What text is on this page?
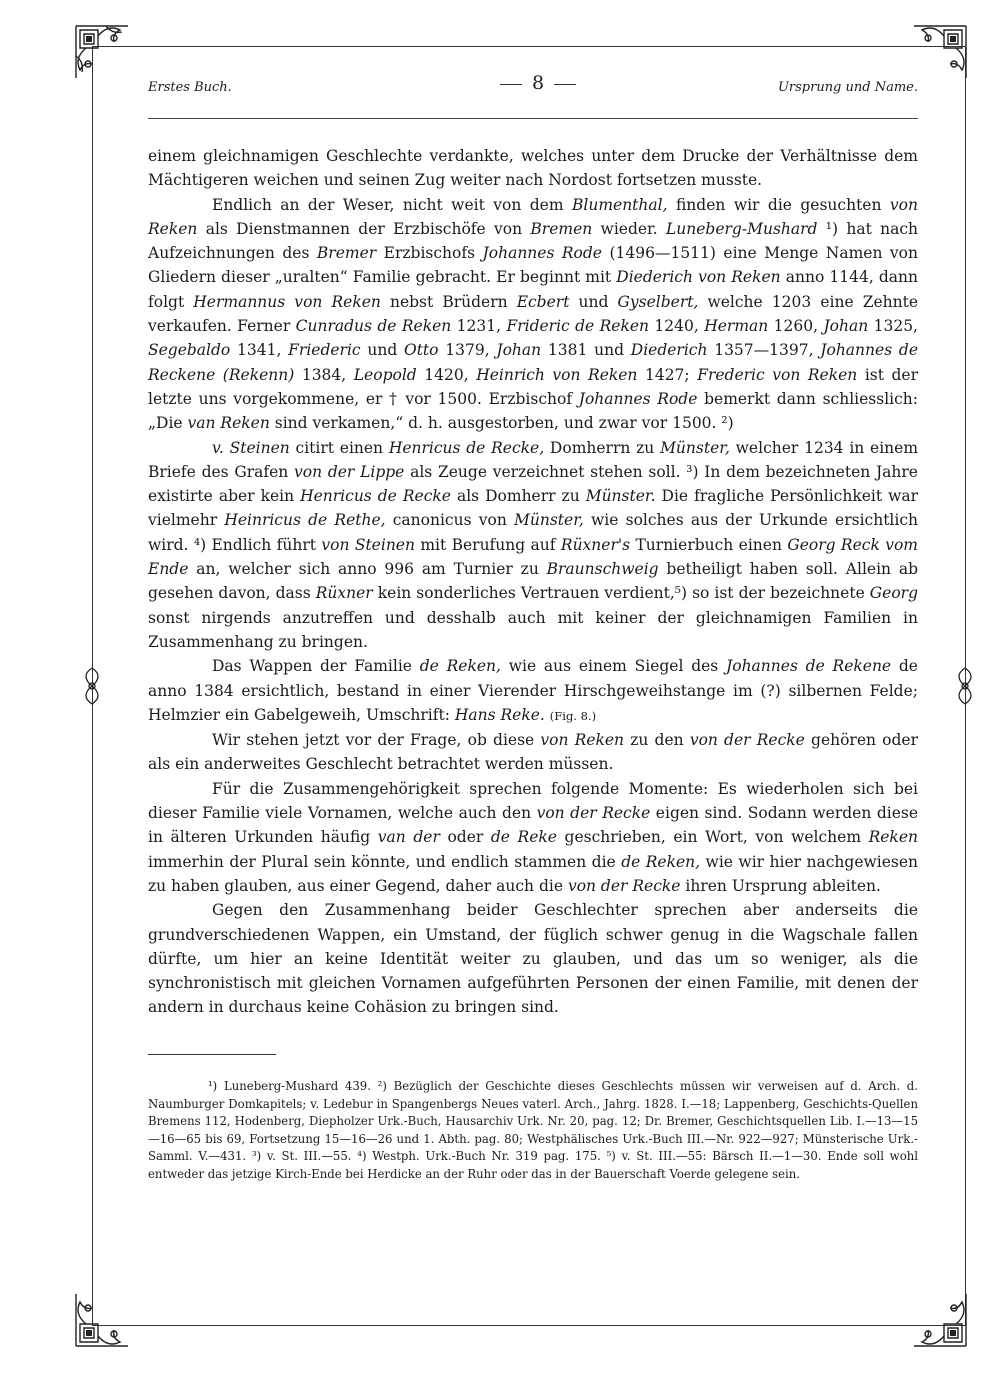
Erstes Buch.	8	Ursprung und Name.

einem gleichnamigen Geschlechte verdankte, welches unter dem Drucke der Verhältnisse dem Mächtigeren weichen und seinen Zug weiter nach Nordost fortsetzen musste.

Endlich an der Weser, nicht weit von dem Blumenthal, finden wir die gesuchten von Reken als Dienstmannen der Erzbischöfe von Bremen wieder. Luneberg-Mushard ¹) hat nach Aufzeichnungen des Bremer Erzbischofs Johannes Rode (1496—1511) eine Menge Namen von Gliedern dieser „uralten“ Familie gebracht. Er beginnt mit Diederich von Reken anno 1144, dann folgt Hermannus von Reken nebst Brüdern Ecbert und Gyselbert, welche 1203 eine Zehnte verkaufen. Ferner Cunradus de Reken 1231, Frideric de Reken 1240, Herman 1260, Johan 1325, Segebaldo 1341, Friederic und Otto 1379, Johan 1381 und Diederich 1357—1397, Johannes de Reckene (Rekenn) 1384, Leopold 1420, Heinrich von Reken 1427; Frederic von Reken ist der letzte uns vorgekommene, er † vor 1500. Erzbischof Johannes Rode bemerkt dann schliesslich: „Die van Reken sind verkamen,“ d. h. ausgestorben, und zwar vor 1500. ²)

v. Steinen citirt einen Henricus de Recke, Domherrn zu Münster, welcher 1234 in einem Briefe des Grafen von der Lippe als Zeuge verzeichnet stehen soll. ³) In dem bezeichneten Jahre existirte aber kein Henricus de Recke als Domherr zu Münster. Die fragliche Persönlichkeit war vielmehr Heinricus de Rethe, canonicus von Münster, wie solches aus der Urkunde ersichtlich wird. ⁴) Endlich führt von Steinen mit Berufung auf Rüxner's Turnierbuch einen Georg Reck vom Ende an, welcher sich anno 996 am Turnier zu Braunschweig betheiligt haben soll. Allein ab gesehen davon, dass Rüxner kein sonderliches Vertrauen verdient,⁵) so ist der bezeichnete Georg sonst nirgends anzutreffen und desshalb auch mit keiner der gleichnamigen Familien in Zusammenhang zu bringen.

Das Wappen der Familie de Reken, wie aus einem Siegel des Johannes de Rekene de anno 1384 ersichtlich, bestand in einer Vierender Hirschgeweihstange im (?) silbernen Felde; Helmzier ein Gabelgeweih, Umschrift: Hans Reke. (Fig. 8.)

Wir stehen jetzt vor der Frage, ob diese von Reken zu den von der Recke gehören oder als ein anderweites Geschlecht betrachtet werden müssen.

Für die Zusammengehörigkeit sprechen folgende Momente: Es wiederholen sich bei dieser Familie viele Vornamen, welche auch den von der Recke eigen sind. Sodann werden diese in älteren Urkunden häufig van der oder de Reke geschrieben, ein Wort, von welchem Reken immerhin der Plural sein könnte, und endlich stammen die de Reken, wie wir hier nachgewiesen zu haben glauben, aus einer Gegend, daher auch die von der Recke ihren Ursprung ableiten.

Gegen den Zusammenhang beider Geschlechter sprechen aber anderseits die grundverschiedenen Wappen, ein Umstand, der füglich schwer genug in die Wagschale fallen dürfte, um hier an keine Identität weiter zu glauben, und das um so weniger, als die synchronistisch mit gleichen Vornamen aufgeführten Personen der einen Familie, mit denen der andern in durchaus keine Cohäsion zu bringen sind.

¹) Luneberg-Mushard 439. ²) Bezüglich der Geschichte dieses Geschlechts müssen wir verweisen auf d. Arch. d. Naumburger Domkapitels; v. Ledebur in Spangenbergs Neues vaterl. Arch., Jahrg. 1828. I.—18; Lappenberg, Geschichts-Quellen Bremens 112, Hodenberg, Diepholzer Urk.-Buch, Hausarchiv Urk. Nr. 20, pag. 12; Dr. Bremer, Geschichtsquellen Lib. I.—13—15—16—65 bis 69, Fortsetzung 15—16—26 und 1. Abth. pag. 80; Westphälisches Urk.-Buch III.—Nr. 922—927; Münsterische Urk.-Samml. V.—431. ³) v. St. III.—55. ⁴) Westph. Urk.-Buch Nr. 319 pag. 175. ⁵) v. St. III.—55: Bärsch II.—1—30. Ende soll wohl entweder das jetzige Kirch-Ende bei Herdicke an der Ruhr oder das in der Bauerschaft Voerde gelegene sein.
